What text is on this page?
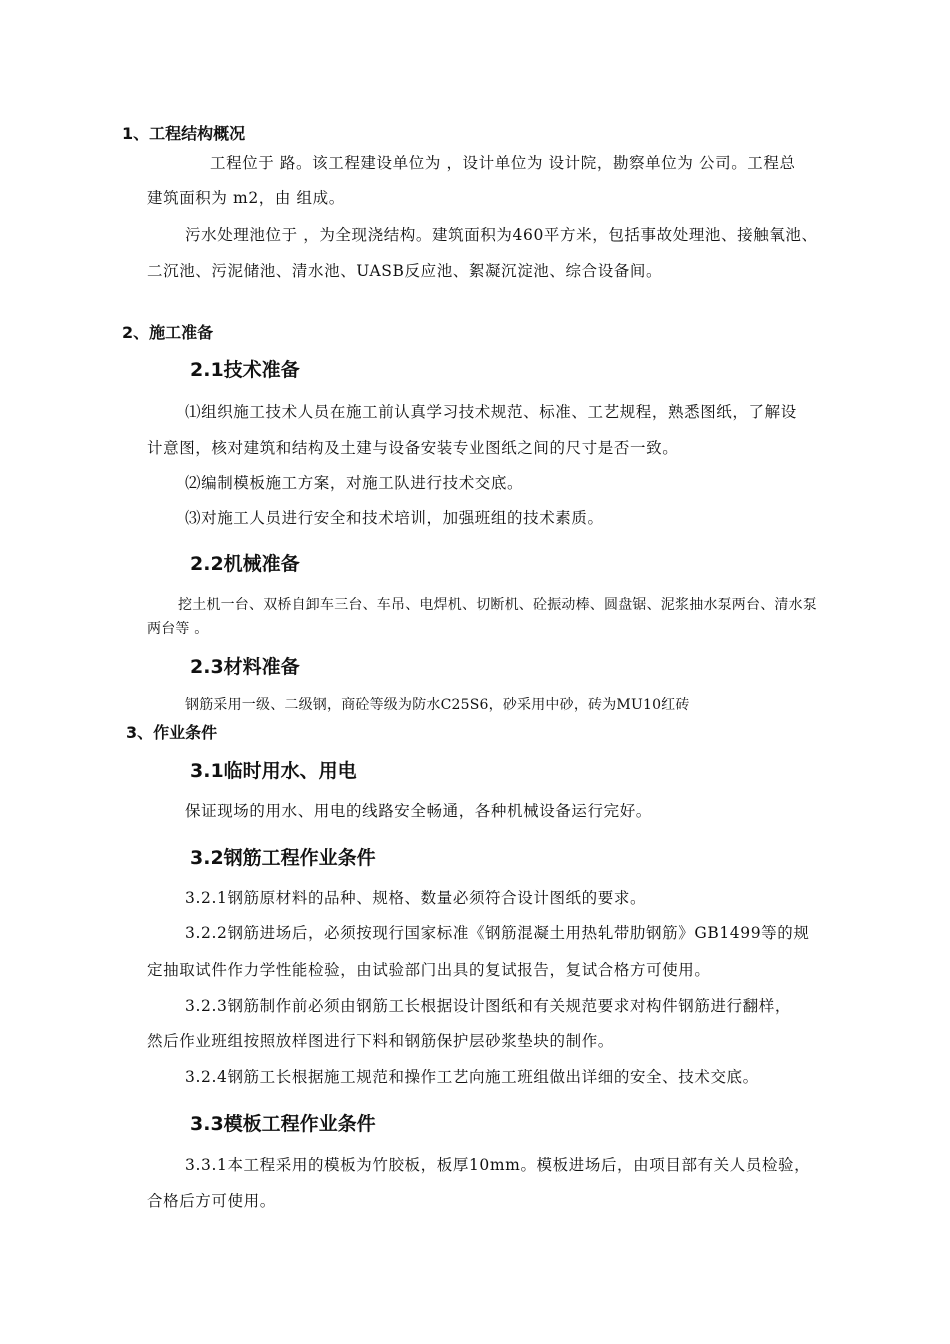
1、工程结构概况
工程位于 路。该工程建设单位为 ，设计单位为 设计院，勘察单位为 公司。工程总
建筑面积为 m2，由 组成。
污水处理池位于 ，为全现浇结构。建筑面积为460平方米，包括事故处理池、接触氧池、
二沉池、污泥储池、清水池、UASB反应池、絮凝沉淀池、综合设备间。
2、施工准备
2.1技术准备
⑴组织施工技术人员在施工前认真学习技术规范、标准、工艺规程，熟悉图纸，了解设
计意图，核对建筑和结构及土建与设备安装专业图纸之间的尺寸是否一致。
⑵编制模板施工方案，对施工队进行技术交底。
⑶对施工人员进行安全和技术培训，加强班组的技术素质。
2.2机械准备
挖土机一台、双桥自卸车三台、车吊、电焊机、切断机、砼振动棒、圆盘锯、泥浆抽水泵两台、清水泵
两台等 。
2.3材料准备
钢筋采用一级、二级钢，商砼等级为防水C25S6，砂采用中砂，砖为MU10红砖
3、作业条件
3.1临时用水、用电
保证现场的用水、用电的线路安全畅通，各种机械设备运行完好。
3.2钢筋工程作业条件
3.2.1钢筋原材料的品种、规格、数量必须符合设计图纸的要求。
3.2.2钢筋进场后，必须按现行国家标准《钢筋混凝土用热轧带肋钢筋》GB1499等的规
定抽取试件作力学性能检验，由试验部门出具的复试报告，复试合格方可使用。
3.2.3钢筋制作前必须由钢筋工长根据设计图纸和有关规范要求对构件钢筋进行翻样，
然后作业班组按照放样图进行下料和钢筋保护层砂浆垫块的制作。
3.2.4钢筋工长根据施工规范和操作工艺向施工班组做出详细的安全、技术交底。
3.3模板工程作业条件
3.3.1本工程采用的模板为竹胶板，板厚10mm。模板进场后，由项目部有关人员检验，
合格后方可使用。
